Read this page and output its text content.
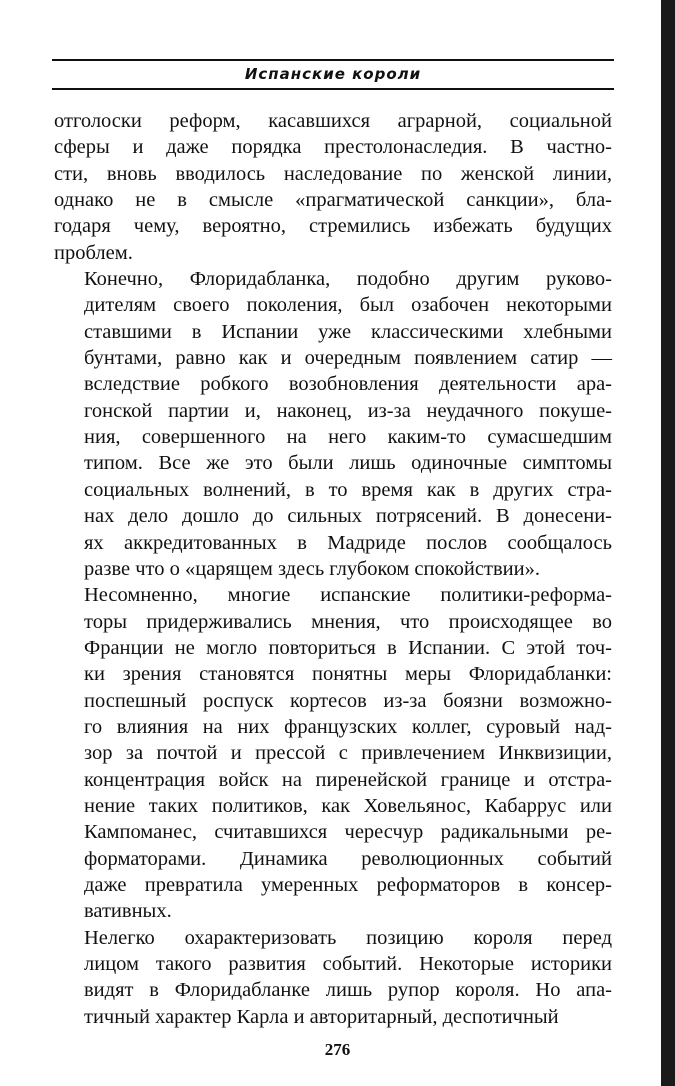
Испанские короли
отголоски реформ, касавшихся аграрной, социальной
сферы и даже порядка престолонаследия. В частно-
сти, вновь вводилось наследование по женской линии,
однако не в смысле «прагматической санкции», бла-
годаря чему, вероятно, стремились избежать будущих
проблем.
Конечно, Флоридабланка, подобно другим руково-
дителям своего поколения, был озабочен некоторыми
ставшими в Испании уже классическими хлебными
бунтами, равно как и очередным появлением сатир —
вследствие робкого возобновления деятельности ара-
гонской партии и, наконец, из-за неудачного покуше-
ния, совершенного на него каким-то сумасшедшим
типом. Все же это были лишь одиночные симптомы
социальных волнений, в то время как в других стра-
нах дело дошло до сильных потрясений. В донесени-
ях аккредитованных в Мадриде послов сообщалось
разве что о «царящем здесь глубоком спокойствии».
Несомненно, многие испанские политики-реформа-
торы придерживались мнения, что происходящее во
Франции не могло повториться в Испании. С этой точ-
ки зрения становятся понятны меры Флоридабланки:
поспешный роспуск кортесов из-за боязни возможно-
го влияния на них французских коллег, суровый над-
зор за почтой и прессой с привлечением Инквизиции,
концентрация войск на пиренейской границе и отстра-
нение таких политиков, как Ховельянос, Кабаррус или
Кампоманес, считавшихся чересчур радикальными ре-
форматорами. Динамика революционных событий
даже превратила умеренных реформаторов в консер-
вативных.
Нелегко охарактеризовать позицию короля перед
лицом такого развития событий. Некоторые историки
видят в Флоридабланке лишь рупор короля. Но апа-
тичный характер Карла и авторитарный, деспотичный
276
